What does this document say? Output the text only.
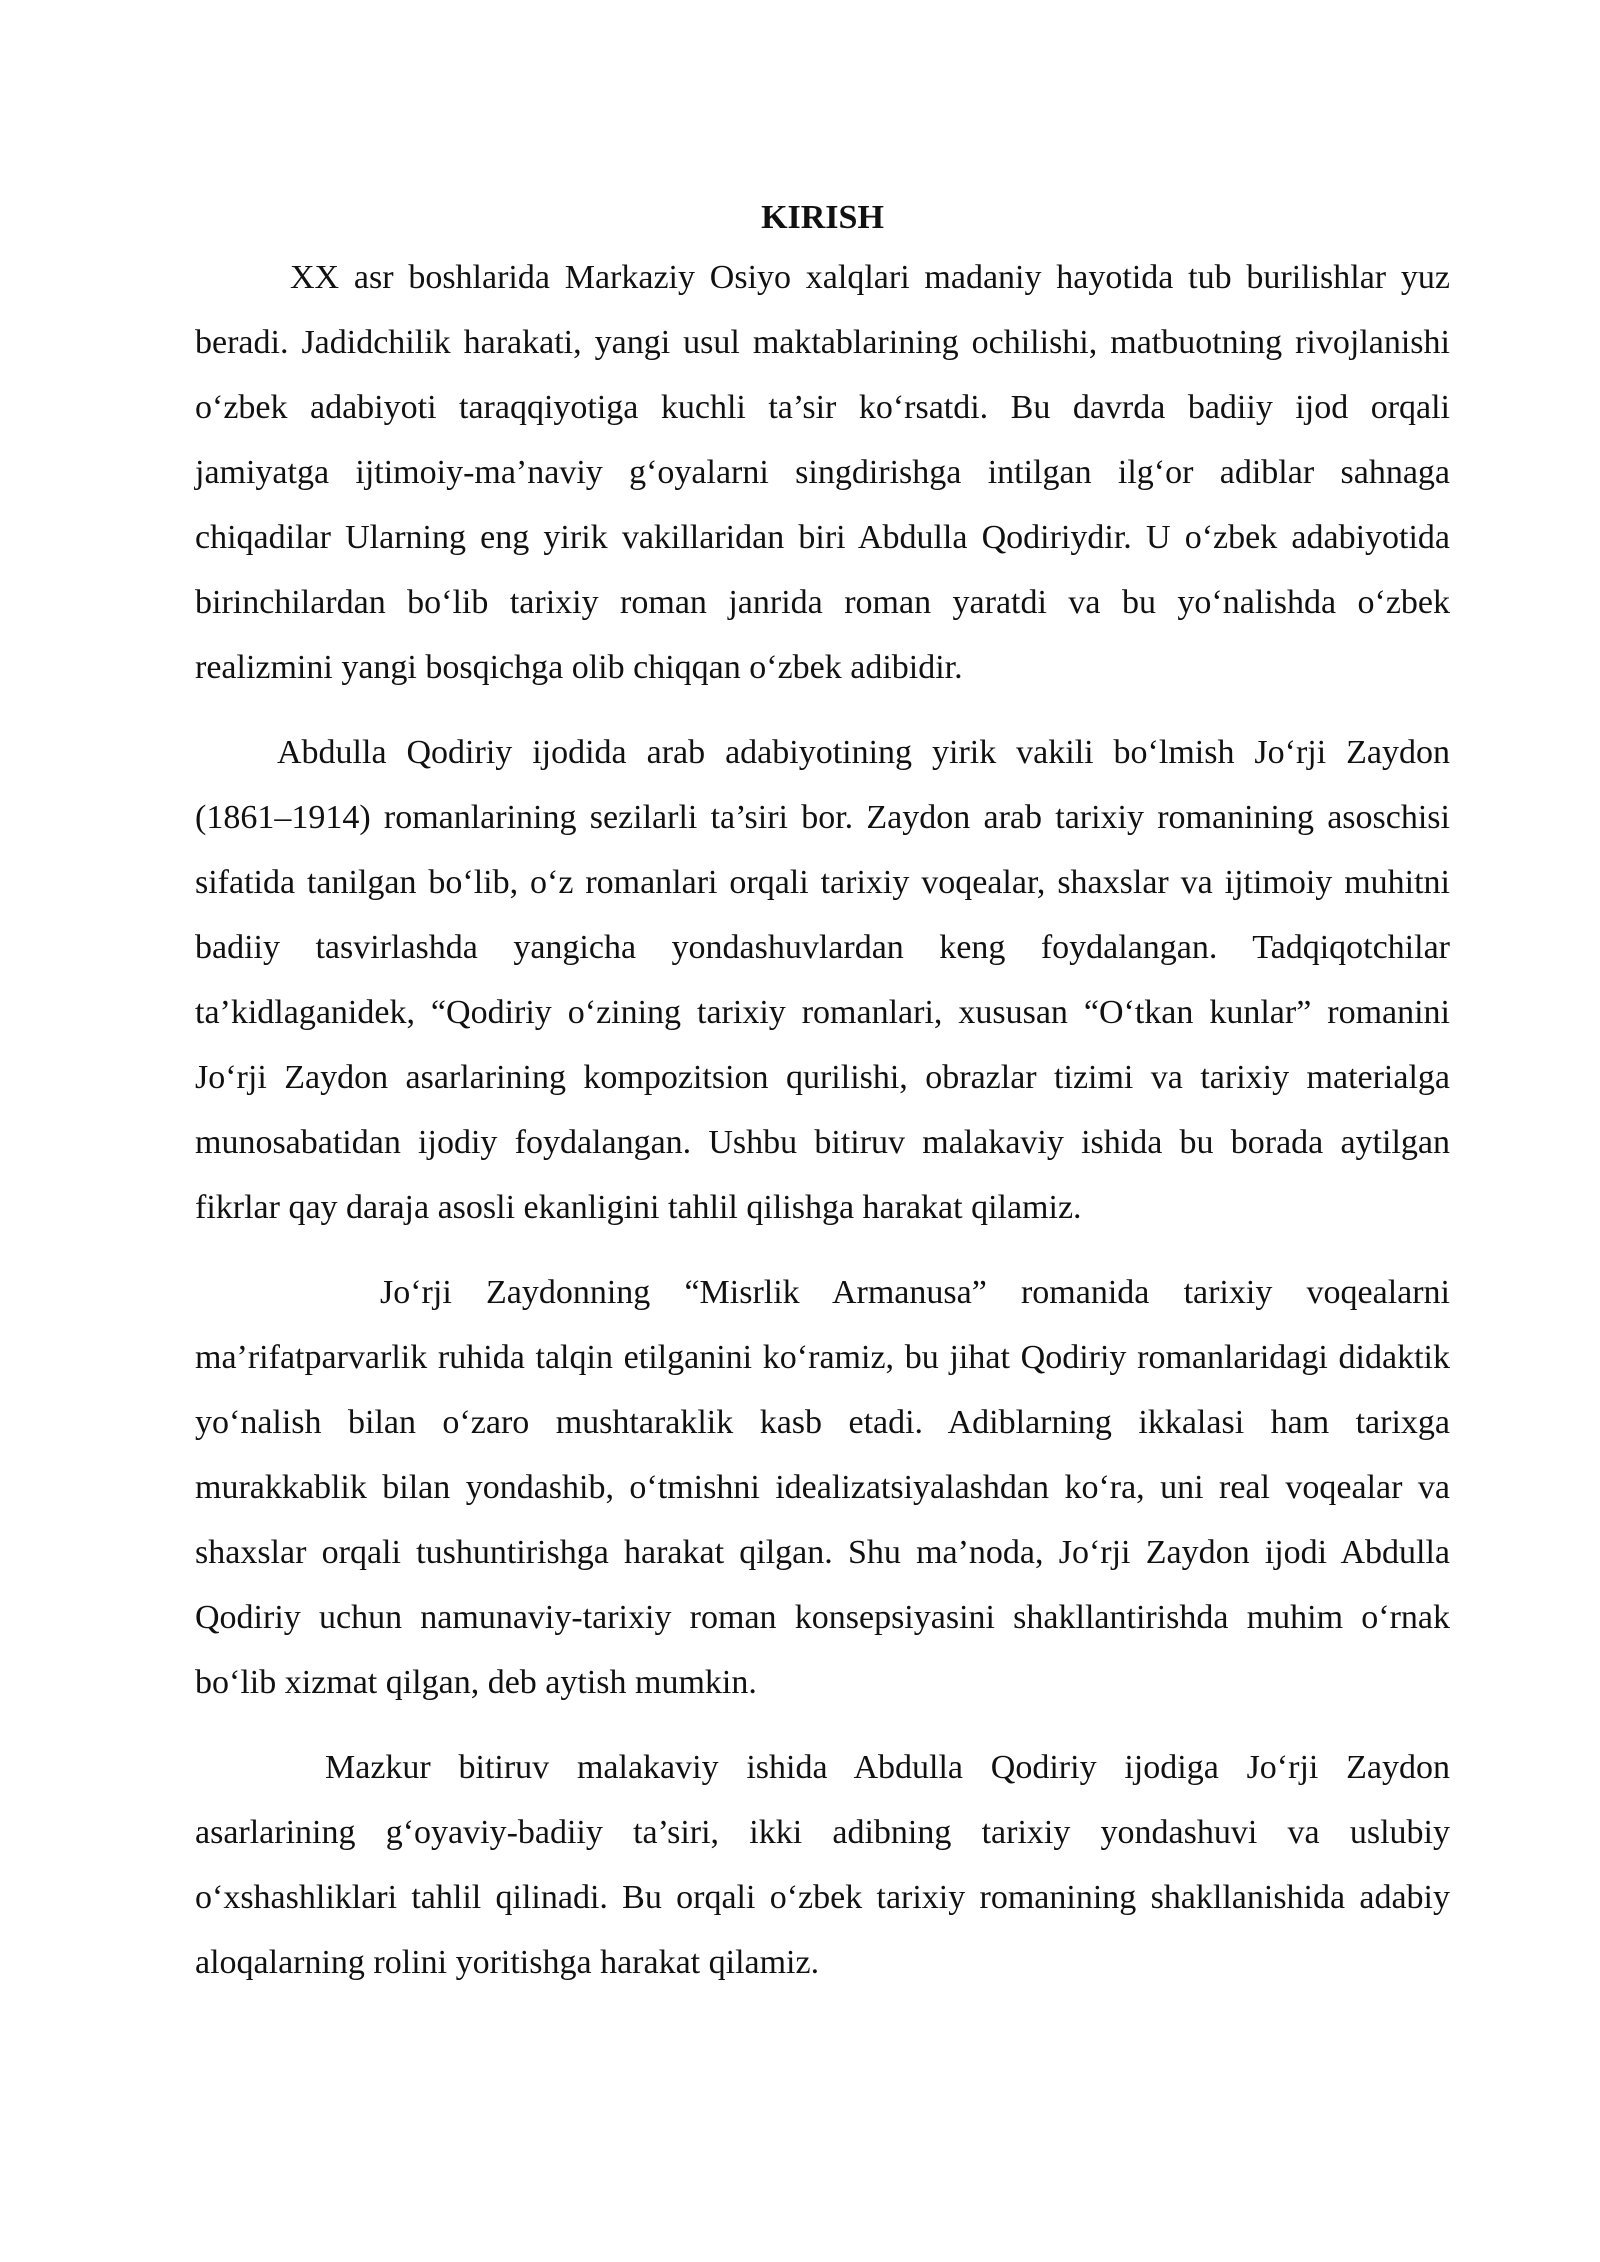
KIRISH

XX asr boshlarida Markaziy Osiyo xalqlari madaniy hayotida tub burilishlar yuz beradi. Jadidchilik harakati, yangi usul maktablarining ochilishi, matbuotning rivojlanishi o‘zbek adabiyoti taraqqiyotiga kuchli ta’sir ko‘rsatdi. Bu davrda badiiy ijod orqali jamiyatga ijtimoiy-ma’naviy g‘oyalarni singdirishga intilgan ilg‘or adiblar sahnaga chiqadilar Ularning eng yirik vakillaridan biri Abdulla Qodiriydir. U o‘zbek adabiyotida birinchilardan bo‘lib tarixiy roman janrida roman yaratdi va bu yo‘nalishda o‘zbek realizmini yangi bosqichga olib chiqqan o‘zbek adibidir.

Abdulla Qodiriy ijodida arab adabiyotining yirik vakili bo‘lmish Jo‘rji Zaydon (1861–1914) romanlarining sezilarli ta’siri bor. Zaydon arab tarixiy romanining asoschisi sifatida tanilgan bo‘lib, o‘z romanlari orqali tarixiy voqealar, shaxslar va ijtimoiy muhitni badiiy tasvirlashda yangicha yondashuvlardan keng foydalangan. Tadqiqotchilar ta’kidlaganidek, “Qodiriy o‘zining tarixiy romanlari, xususan “O‘tkan kunlar” romanini Jo‘rji Zaydon asarlarining kompozitsion qurilishi, obrazlar tizimi va tarixiy materialga munosabatidan ijodiy foydalangan. Ushbu bitiruv malakaviy ishida bu borada aytilgan fikrlar qay daraja asosli ekanligini tahlil qilishga harakat qilamiz.

Jo‘rji Zaydonning “Misrlik Armanusa” romanida tarixiy voqealarni ma’rifatparvarlik ruhida talqin etilganini ko‘ramiz, bu jihat Qodiriy romanlaridagi didaktik yo‘nalish bilan o‘zaro mushtaraklik kasb etadi. Adiblarning ikkalasi ham tarixga murakkablik bilan yondashib, o‘tmishni idealizatsiyalashdan ko‘ra, uni real voqealar va shaxslar orqali tushuntirishga harakat qilgan. Shu ma’noda, Jo‘rji Zaydon ijodi Abdulla Qodiriy uchun namunaviy-tarixiy roman konsepsiyasini shakllantirishda muhim o‘rnak bo‘lib xizmat qilgan, deb aytish mumkin.

Mazkur bitiruv malakaviy ishida Abdulla Qodiriy ijodiga Jo‘rji Zaydon asarlarining g‘oyaviy-badiiy ta’siri, ikki adibning tarixiy yondashuvi va uslubiy o‘xshashliklari tahlil qilinadi. Bu orqali o‘zbek tarixiy romanining shakllanishida adabiy aloqalarning rolini yoritishga harakat qilamiz.
